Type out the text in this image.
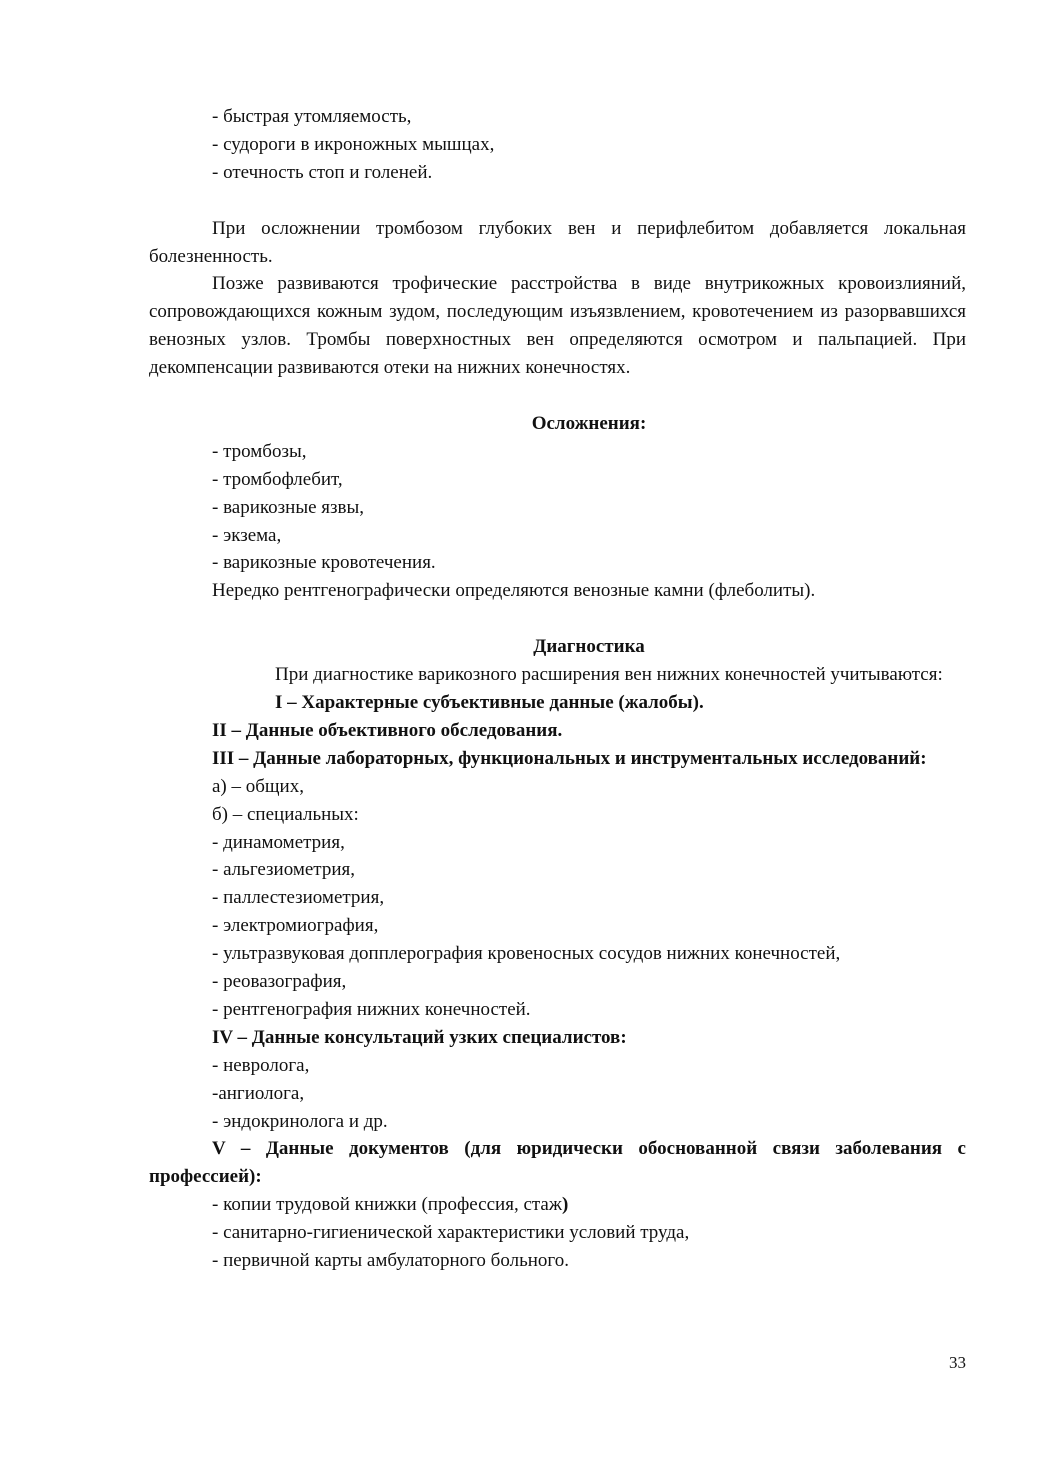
- быстрая утомляемость,

- судороги в икроножных мышцах,

- отечность стоп и голеней.

При осложнении тромбозом глубоких вен и перифлебитом добавляется локальная болезненность.

Позже развиваются трофические расстройства в виде внутрикожных кровоизлияний, сопровождающихся кожным зудом, последующим изъязвлением, кровотечением из разорвавшихся венозных узлов. Тромбы поверхностных вен определяются осмотром и пальпацией. При декомпенсации развиваются отеки на нижних конечностях.

Осложнения:

- тромбозы,

- тромбофлебит,

- варикозные язвы,

- экзема,

- варикозные кровотечения.

Нередко рентгенографически определяются венозные камни (флеболиты).

Диагностика

При диагностике варикозного расширения вен нижних конечностей учитываются:

I – Характерные субъективные данные (жалобы).

II – Данные объективного обследования.

III – Данные лабораторных, функциональных и инструментальных исследований:

а) – общих,

б) – специальных:

- динамометрия,

- альгезиометрия,

- паллестезиометрия,

- электромиография,

- ультразвуковая допплерография кровеносных сосудов нижних конечностей,

- реовазография,

- рентгенография нижних конечностей.

IV – Данные консультаций узких специалистов:

- невролога,

-ангиолога,

- эндокринолога и др.

V – Данные документов (для юридически обоснованной связи заболевания с профессией):

- копии трудовой книжки (профессия, стаж)

- санитарно-гигиенической характеристики условий труда,

- первичной карты амбулаторного больного.

33
